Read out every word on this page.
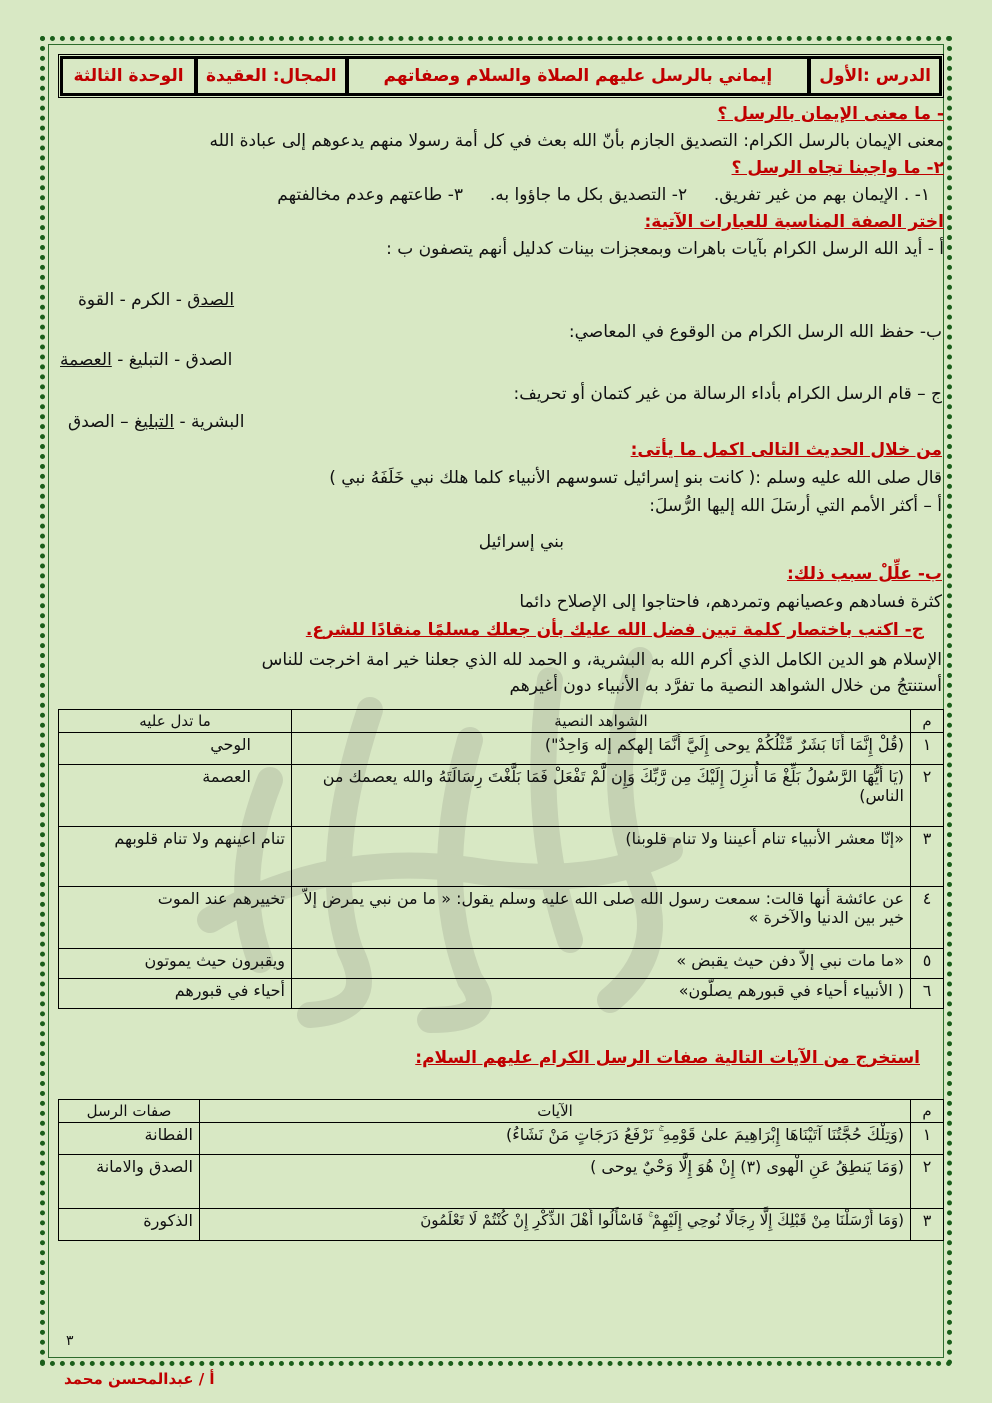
الدرس :الأول	إيماني بالرسل عليهم الصلاة والسلام وصفاتهم	المجال: العقيدة	الوحدة الثالثة
- ما معنى الإيمان بالرسل ؟
معنى الإيمان بالرسل الكرام: التصديق الجازم بأنّ الله بعث في كل أمة رسولا منهم يدعوهم إلى عبادة الله
٢- ما واجبنا تجاه الرسل ؟
١- . الإيمان بهم من غير تفريق.  ٢- التصديق بكل ما جاؤوا به.  ٣- طاعتهم وعدم مخالفتهم
اختر الصفة المناسبة للعبارات الآتية:
أ - أيد الله الرسل الكرام بآيات باهرات وبمعجزات بينات كدليل أنهم يتصفون ب :
الصدق - الكرم - القوة
ب- حفظ الله الرسل الكرام من الوقوع في المعاصي:
الصدق - التبليغ - العصمة
ج – قام الرسل الكرام بأداء الرسالة من غير كتمان أو تحريف:
البشرية - التبليغ – الصدق
من خلال الحديث التالى اكمل ما يأتى:
قال صلى الله عليه وسلم :( كانت بنو إسرائيل تسوسهم الأنبياء كلما هلك نبي خَلَفَهُ نبي )
أ – أكثر الأمم التي أرسَلَ الله إليها الرُّسلَ:
بني إسرائيل
ب- علِّلْ سبب ذلك:
كثرة فسادهم وعصيانهم وتمردهم، فاحتاجوا إلى الإصلاح دائما
ج- اكتب باختصار كلمة تبين فضل الله عليك بأن جعلك مسلمًا منقادًا للشرع.
الإسلام هو الدين الكامل الذي أكرم الله به البشرية، و الحمد لله الذي جعلنا خير امة اخرجت للناس
أستنتجُ من خلال الشواهد النصية ما تفرَّد به الأنبياء دون أغيرهم
م	الشواهد النصية	ما تدل عليه
١	(قُلْ إِنَّمَا أَنَا بَشَرٌ مِّثْلُكُمْ يوحى إِلَيَّ أَنَّمَا إلهكم إله وَاحِدٌ")	الوحي
٢	(يَا أَيُّهَا الرَّسُولُ بَلِّغْ مَا أُنزِلَ إِلَيْكَ مِن رَّبِّكَ وَإِن لَّمْ تَفْعَلْ فَمَا بَلَّغْتَ رِسَالَتَهُ والله يعصمك من الناس)	العصمة
٣	«إنّا معشر الأنبياء تنام أعيننا ولا تنام قلوبنا)	تنام اعينهم ولا تنام قلوبهم
٤	عن عائشة أنها قالت: سمعت رسول الله صلى الله عليه وسلم يقول: « ما من نبي يمرض إلاّ خير بين الدنيا والآخرة »	تخييرهم عند الموت
٥	«ما مات نبي إلاّ دفن حيث يقبض »	ويقبرون حيث يموتون
٦	( الأنبياء أحياء في قبورهم يصلّون»	أحياء في قبورهم
استخرج من الآيات التالية صفات الرسل الكرام عليهم السلام:
م	الآيات	صفات الرسل
١	(وَتِلْكَ حُجَّتُنَا آتَيْنَاهَا إِبْرَاهِيمَ علىٰ قَوْمِهِ ۚ نَرْفَعُ دَرَجَاتٍ مَنْ نَشَاءُ)	الفطانة
٢	(وَمَا يَنطِقُ عَنِ الْهوى (٣) إِنْ هُوَ إِلَّا وَحْيٌ يوحى )	الصدق والامانة
٣	(وَمَا أَرْسَلْنَا مِنْ قَبْلِكَ إِلَّا رِجَالًا نُوحِي إِلَيْهِمْ ۚ فَاسْأَلُوا أَهْلَ الذِّكْرِ إِنْ كُنْتُمْ لَا تَعْلَمُونَ	الذكورة
٣
أ / عبدالمحسن محمد
